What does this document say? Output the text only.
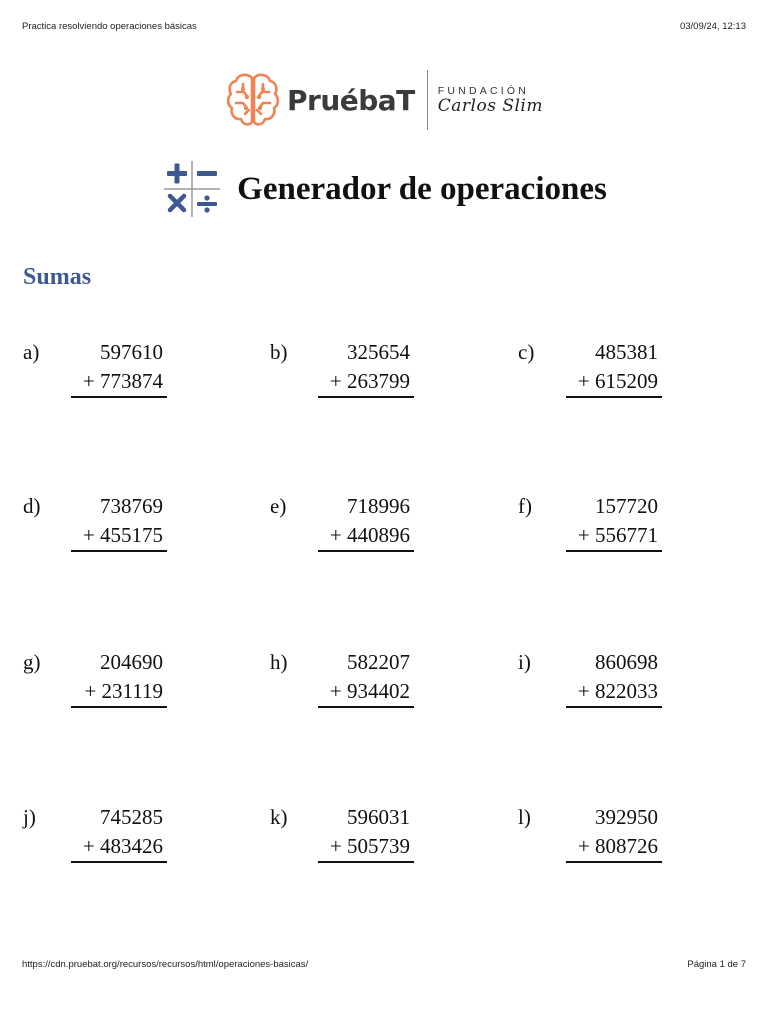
Practica resolviendo operaciones básicas	03/09/24, 12:13
PruébaT FUNDACIÓN
Carlos Slim
Generador de operaciones
Sumas
a)	597610
+ 773874
b)	325654
+ 263799
c)	485381
+ 615209
d)	738769
+ 455175
e)	718996
+ 440896
f)	157720
+ 556771
g)	204690
+ 231119
h)	582207
+ 934402
i)	860698
+ 822033
j)	745285
+ 483426
k)	596031
+ 505739
l)	392950
+ 808726
https://cdn.pruebat.org/recursos/recursos/html/operaciones-basicas/	Página 1 de 7
